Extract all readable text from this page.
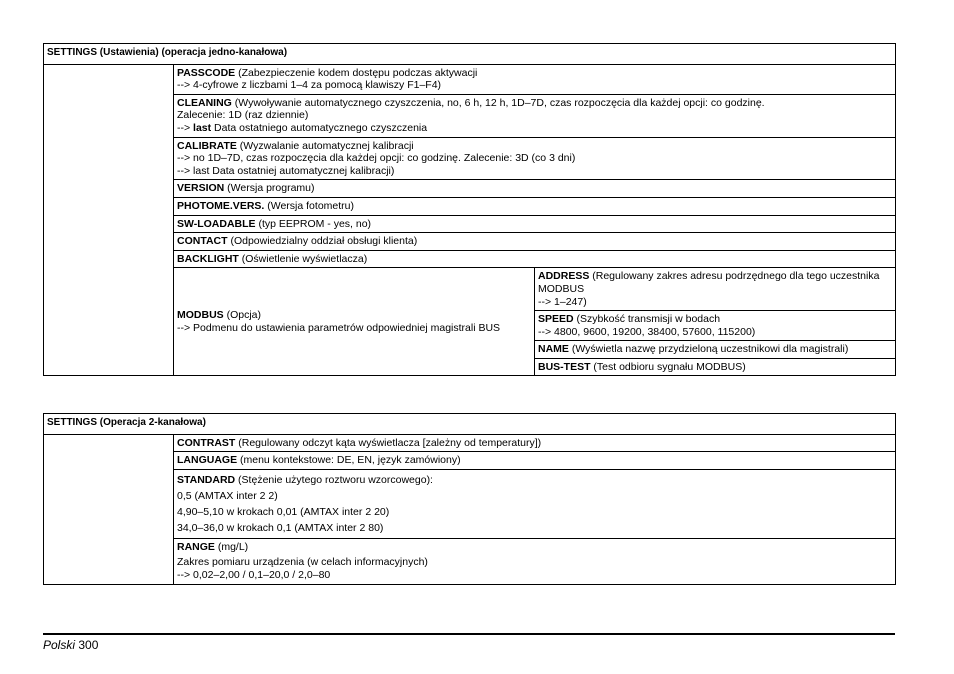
SETTINGS (Ustawienia) (operacja jedno-kanałowa)		
	PASSCODE (Zabezpieczenie kodem dostępu podczas aktywacji
--> 4-cyfrowe z liczbami 1–4 za pomocą klawiszy F1–F4)	
	CLEANING (Wywoływanie automatycznego czyszczenia, no, 6 h, 12 h, 1D–7D, czas rozpoczęcia dla każdej opcji: co godzinę.
Zalecenie: 1D (raz dziennie)
--> last Data ostatniego automatycznego czyszczenia	
	CALIBRATE (Wyzwalanie automatycznej kalibracji
--> no 1D–7D, czas rozpoczęcia dla każdej opcji: co godzinę. Zalecenie: 3D (co 3 dni)
--> last Data ostatniej automatycznej kalibracji)	
	VERSION (Wersja programu)	
	PHOTOME.VERS. (Wersja fotometru)	
	SW-LOADABLE (typ EEPROM - yes, no)	
	CONTACT (Odpowiedzialny oddział obsługi klienta)	
	BACKLIGHT (Oświetlenie wyświetlacza)	
	MODBUS (Opcja)
--> Podmenu do ustawienia parametrów odpowiedniej magistrali BUS	ADDRESS (Regulowany zakres adresu podrzędnego dla tego uczestnika MODBUS
--> 1–247)
		SPEED (Szybkość transmisji w bodach
--> 4800, 9600, 19200, 38400, 57600, 115200)
		NAME (Wyświetla nazwę przydzieloną uczestnikowi dla magistrali)
		BUS-TEST (Test odbioru sygnału MODBUS)
SETTINGS (Operacja 2-kanałowa)
	CONTRAST (Regulowany odczyt kąta wyświetlacza [zależny od temperatury])
LANGUAGE (menu kontekstowe: DE, EN, język zamówiony)
STANDARD (Stężenie użytego roztworu wzorcowego):
0,5 (AMTAX inter 2 2)
4,90–5,10 w krokach 0,01 (AMTAX inter 2 20)
34,0–36,0 w krokach 0,1 (AMTAX inter 2 80)
RANGE (mg/L)
Zakres pomiaru urządzenia (w celach informacyjnych)
--> 0,02–2,00 / 0,1–20,0 / 2,0–80
Polski 300
